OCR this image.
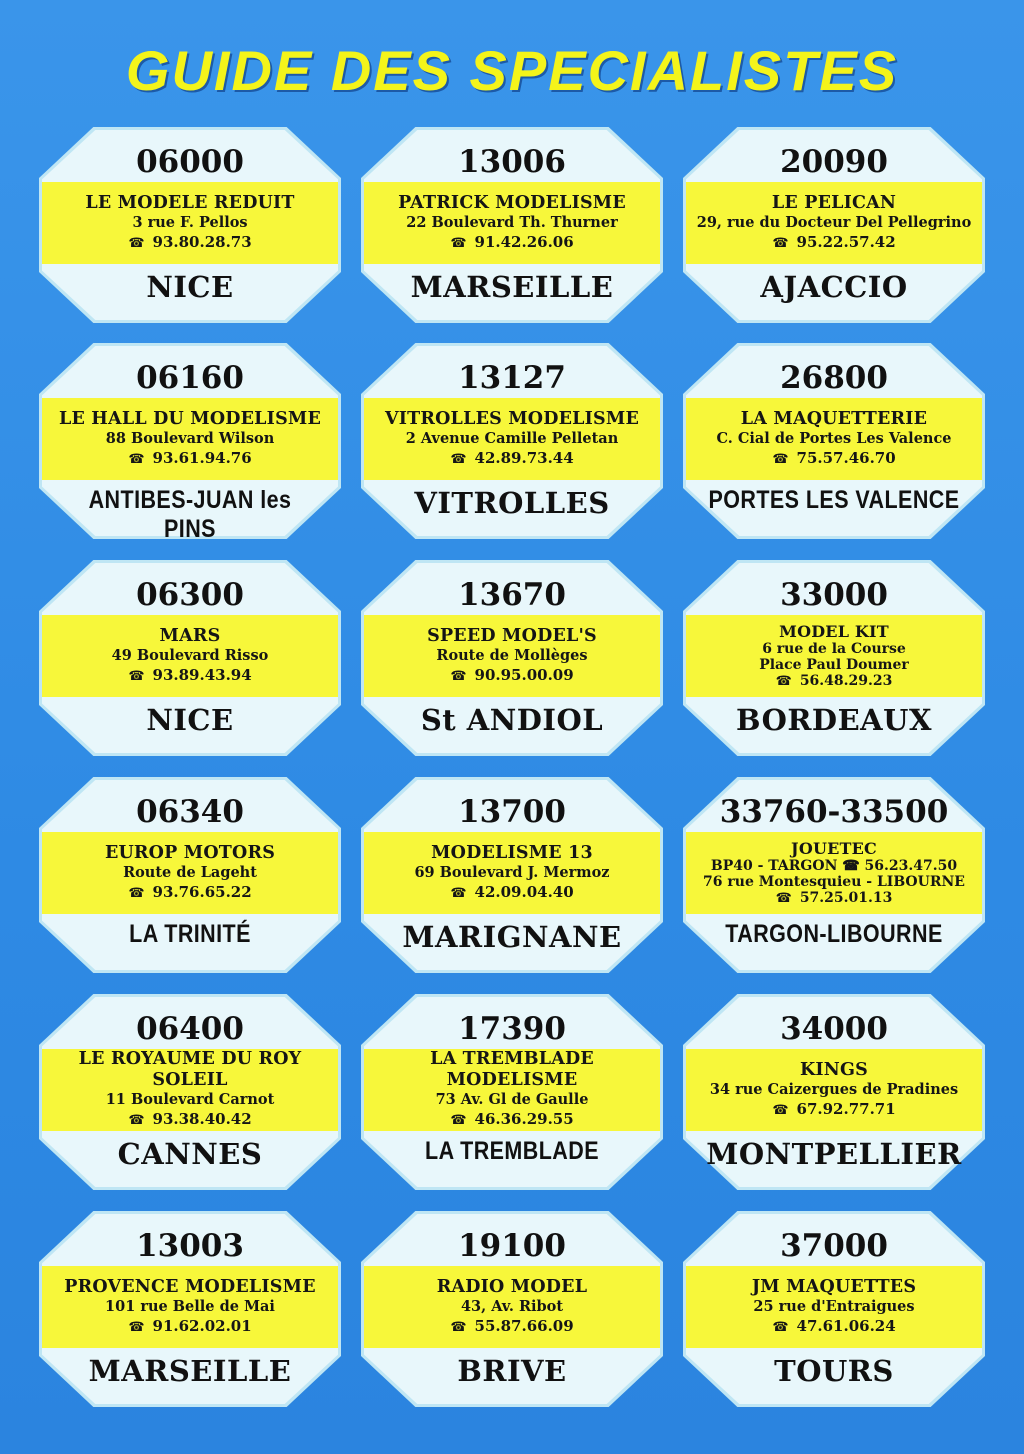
GUIDE DES SPECIALISTES
06000
LE MODELE REDUIT
3 rue F. Pellos
☎ 93.80.28.73
NICE
13006
PATRICK MODELISME
22 Boulevard Th. Thurner
☎ 91.42.26.06
MARSEILLE
20090
LE PELICAN
29, rue du Docteur Del Pellegrino
☎ 95.22.57.42
AJACCIO
06160
LE HALL DU MODELISME
88 Boulevard Wilson
☎ 93.61.94.76
ANTIBES-JUAN les PINS
13127
VITROLLES MODELISME
2 Avenue Camille Pelletan
☎ 42.89.73.44
VITROLLES
26800
LA MAQUETTERIE
C. Cial de Portes Les Valence
☎ 75.57.46.70
PORTES LES VALENCE
06300
MARS
49 Boulevard Risso
☎ 93.89.43.94
NICE
13670
SPEED MODEL'S
Route de Mollèges
☎ 90.95.00.09
St ANDIOL
33000
MODEL KIT
6 rue de la Course
Place Paul Doumer
☎ 56.48.29.23
BORDEAUX
06340
EUROP MOTORS
Route de Lageht
☎ 93.76.65.22
LA TRINITÉ
13700
MODELISME 13
69 Boulevard J. Mermoz
☎ 42.09.04.40
MARIGNANE
33760-33500
JOUETEC
BP40 - TARGON ☎ 56.23.47.50
76 rue Montesquieu - LIBOURNE
☎ 57.25.01.13
TARGON-LIBOURNE
06400
LE ROYAUME DU ROY SOLEIL
11 Boulevard Carnot
☎ 93.38.40.42
CANNES
17390
LA TREMBLADE MODELISME
73 Av. Gl de Gaulle
☎ 46.36.29.55
LA TREMBLADE
34000
KINGS
34 rue Caizergues de Pradines
☎ 67.92.77.71
MONTPELLIER
13003
PROVENCE MODELISME
101 rue Belle de Mai
☎ 91.62.02.01
MARSEILLE
19100
RADIO MODEL
43, Av. Ribot
☎ 55.87.66.09
BRIVE
37000
JM MAQUETTES
25 rue d'Entraigues
☎ 47.61.06.24
TOURS
